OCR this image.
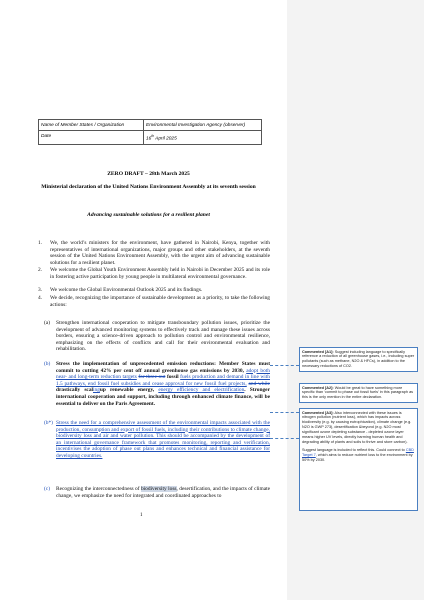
Name of Member States / Organization	Environmental Investigation Agency (observer)
Date	16th April 2025
ZERO DRAFT – 28th March 2025
Ministerial declaration of the United Nations Environment Assembly at its seventh session
Advancing sustainable solutions for a resilient planet
1. We, the world’s ministers for the environment, have gathered in Nairobi, Kenya, together with representatives of international organizations, major groups and other stakeholders, at the seventh session of the United Nations Environment Assembly, with the urgent aim of advancing sustainable solutions for a resilient planet.
2. We welcome the Global Youth Environment Assembly held in Nairobi in December 2025 and its role in fostering active participation by young people in multilateral environmental governance.
3. We welcome the Global Environmental Outlook 2025 and its findings.
4. We decide, recognizing the importance of sustainable development as a priority, to take the following actions:
(a) Strengthen international cooperation to mitigate transboundary pollution issues, prioritize the development of advanced monitoring systems to effectively track and manage these issues across borders, ensuring a science-driven approach to pollution control and environmental resilience, emphasizing on the effects of conflicts and call for their environmental evaluation and rehabilitation.
(b) Stress the implementation of unprecedented emission reductions: Member States must commit to cutting 42% per cent off annual greenhouse gas emissions by 2030, adopt both near- and long-term reduction targets for three out fossil fuels production and demand in line with 1.5 pathways, end fossil fuel subsidies and cease approval for new fossil fuel projects, and while drastically scalingup renewable energy, energy efficiency and electrification. Stronger international cooperation and support, including through enhanced climate finance, will be essential to deliver on the Paris Agreement.
(b*) Stress the need for a comprehensive assessment of the environmental impacts associated with the production, consumption and export of fossil fuels, including their contributions to climate change, biodiversity loss and air and water pollution. This should be accompanied by the development of an international governance framework that promotes monitoring, reporting and verification, incentivises the adoption of phase out plans and enhances technical and financial assistance for developing countries.
(c) Recognizing the interconnectedness of biodiversity loss, desertification, and the impacts of climate change, we emphasize the need for integrated and coordinated approaches to
1
Commented [A1]: Suggest including language to specifically reference a reduction of all greenhouse gases, i.e., including super pollutants (such as methane, N2O & HFCs), in addition to the necessary reductions of CO2.
Commented [A2]: Would be great to have something more specific than ‘commit to phase out fossil fuels’ in this paragraph as this is the only mention in the entire declaration.
Commented [A3]: Also interconnected with these issues is nitrogen pollution (nutrient loss), which has impacts across biodiversity (e.g. by causing eutrophication), climate change (e.g. N2O is GWP 273), desertification &beyond (e.g. N2O most significant ozone depleting substance - depleted ozone layer means higher UV levels, directly harming human health and degrading ability of plants and soils to thrive and store carbon).
Suggest language is included to reflect this. Could connect to CBD Target 7, which aims to reduce nutrient loss to the environment by 50% by 2030.
